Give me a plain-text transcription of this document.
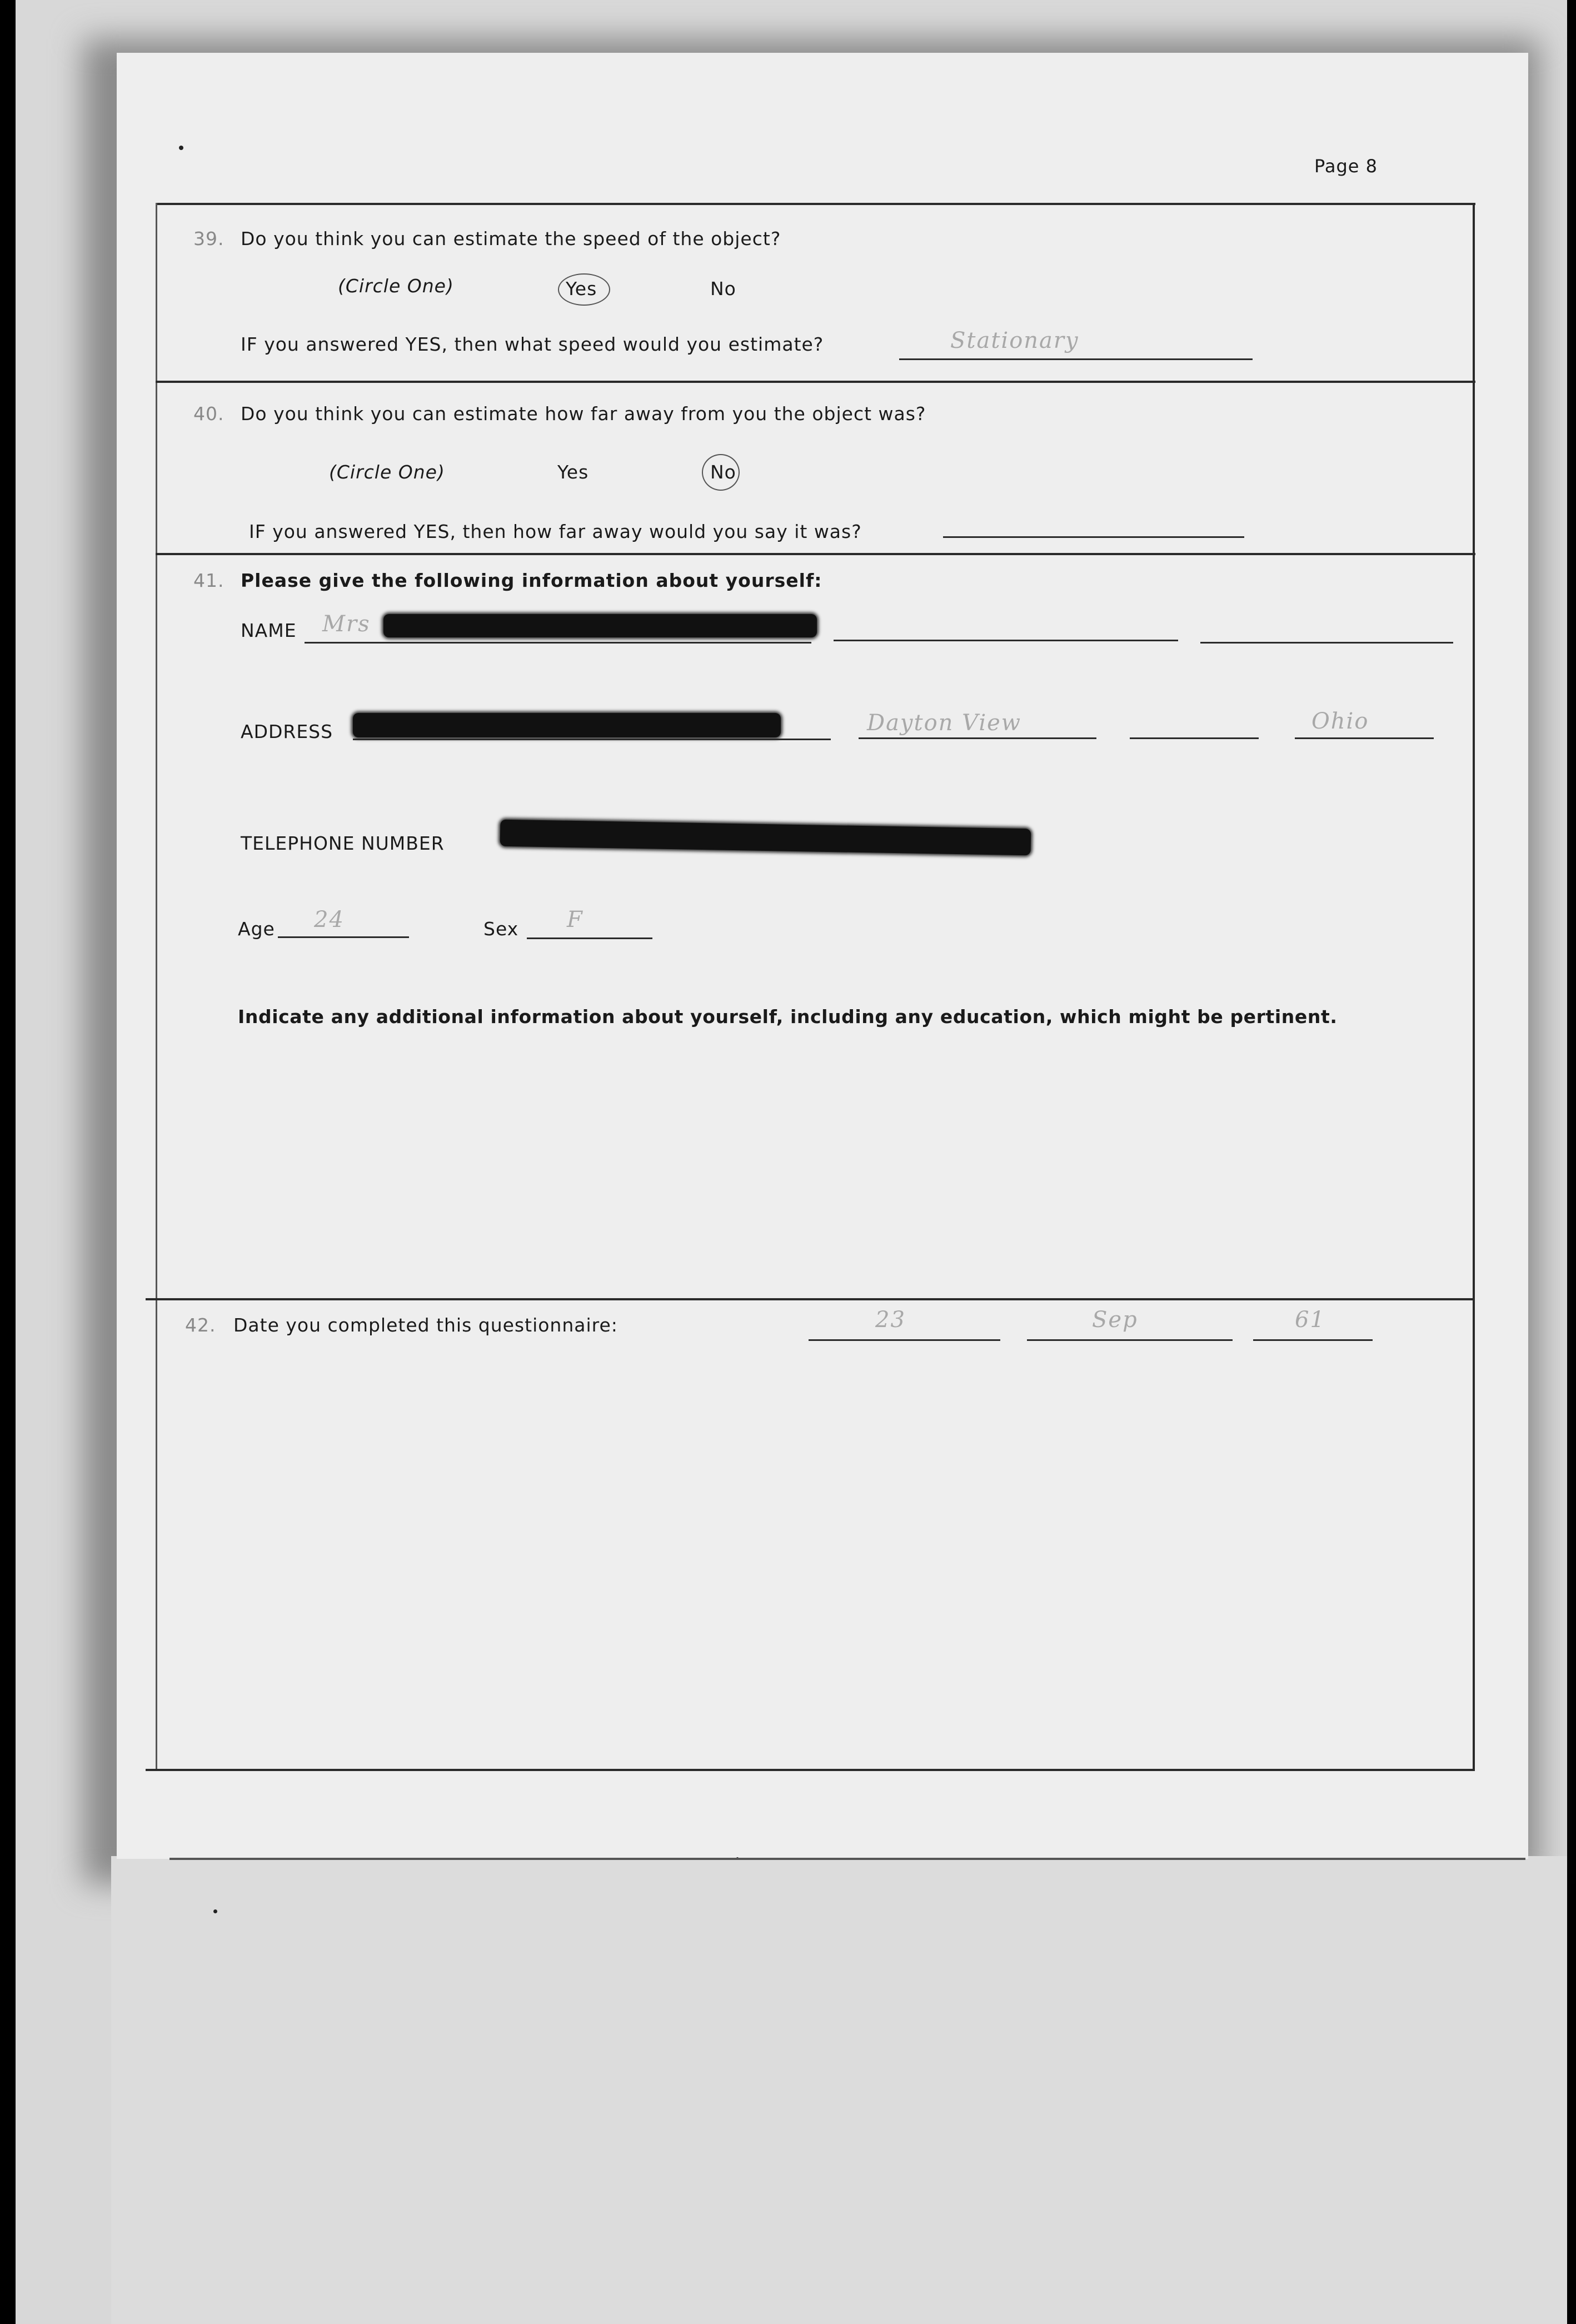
Page 8
39. Do you think you can estimate the speed of the object?
(Circle One)	Yes	No
IF you answered YES, then what speed would you estimate?	Stationary
40. Do you think you can estimate how far away from you the object was?
(Circle One)	Yes	No
IF you answered YES, then how far away would you say it was?
41. Please give the following information about yourself:
NAME Mrs
ADDRESS	Dayton View	Ohio
TELEPHONE NUMBER
Age 24	Sex F
Indicate any additional information about yourself, including any education, which might be pertinent.
42. Date you completed this questionnaire:	23	Sep	61
